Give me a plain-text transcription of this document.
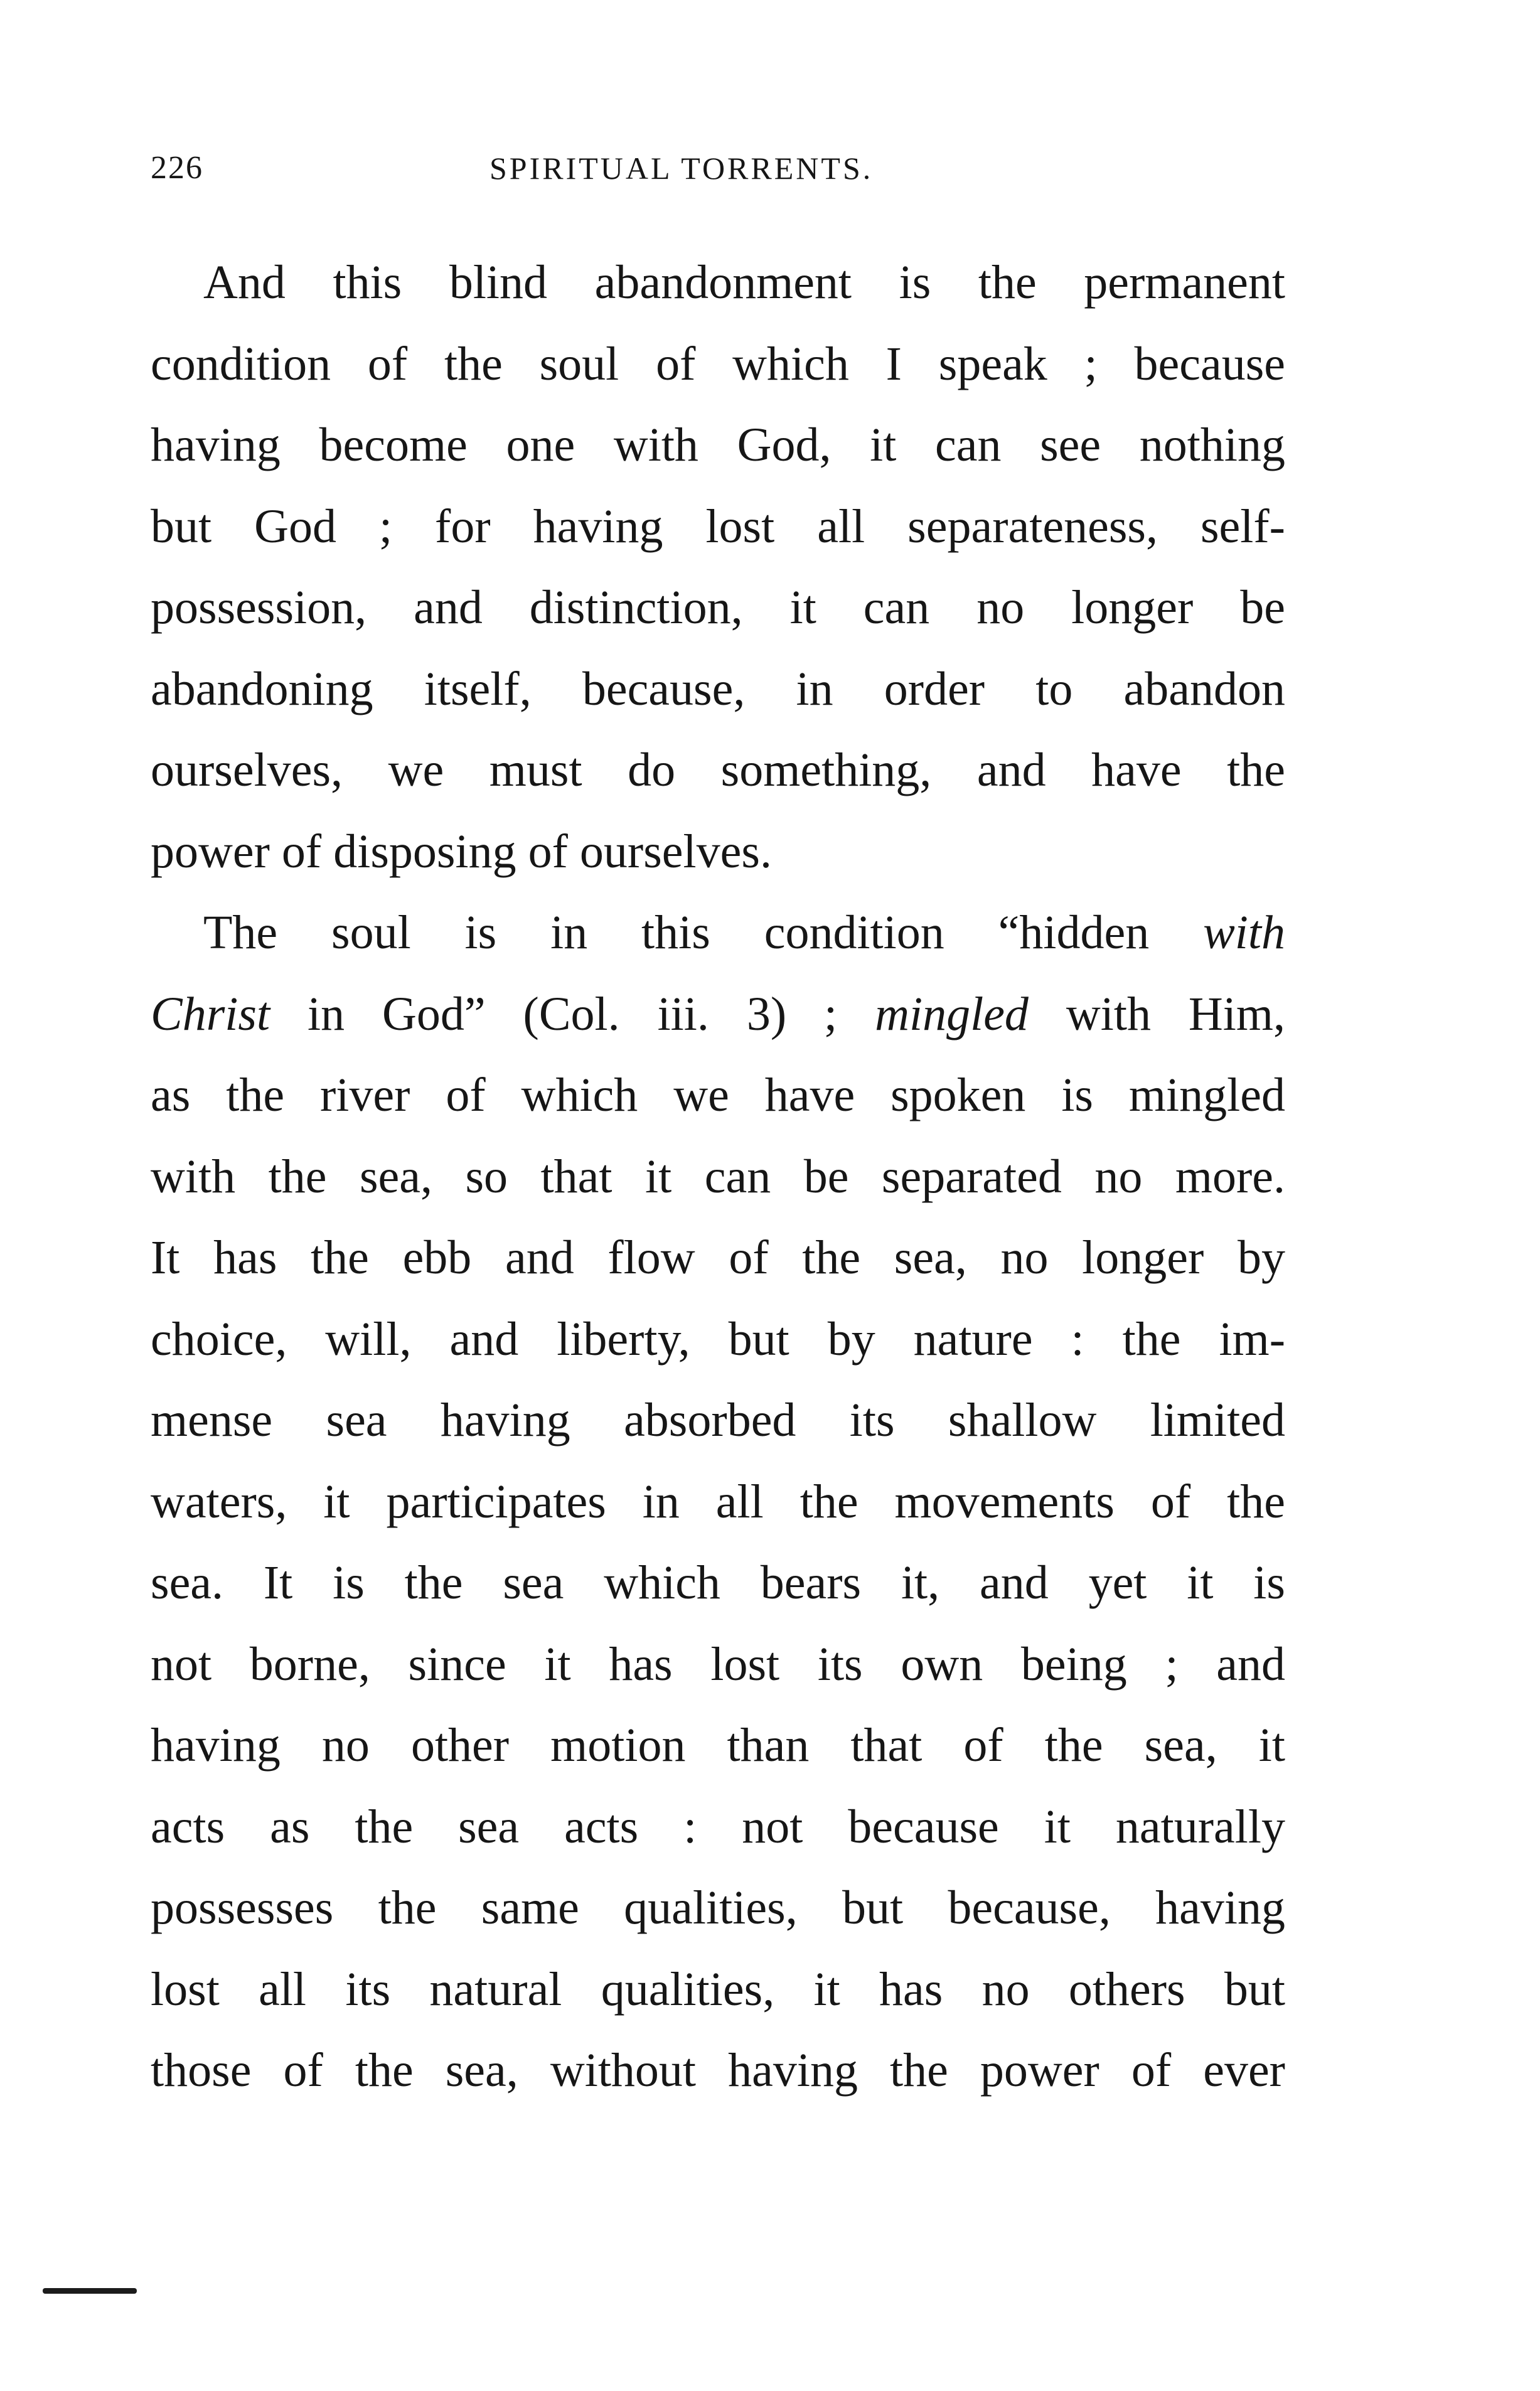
226	SPIRITUAL TORRENTS.
And this blind abandonment is the permanent
condition of the soul of which I speak ; because
having become one with God, it can see nothing
but God ; for having lost all separateness, self-
possession, and distinction, it can no longer be
abandoning itself, because, in order to abandon
ourselves, we must do something, and have the
power of disposing of ourselves.
The soul is in this condition “hidden with
Christ in God” (Col. iii. 3) ; mingled with Him,
as the river of which we have spoken is mingled
with the sea, so that it can be separated no more.
It has the ebb and flow of the sea, no longer by
choice, will, and liberty, but by nature : the im-
mense sea having absorbed its shallow limited
waters, it participates in all the movements of the
sea. It is the sea which bears it, and yet it is
not borne, since it has lost its own being ; and
having no other motion than that of the sea, it
acts as the sea acts : not because it naturally
possesses the same qualities, but because, having
lost all its natural qualities, it has no others but
those of the sea, without having the power of ever
